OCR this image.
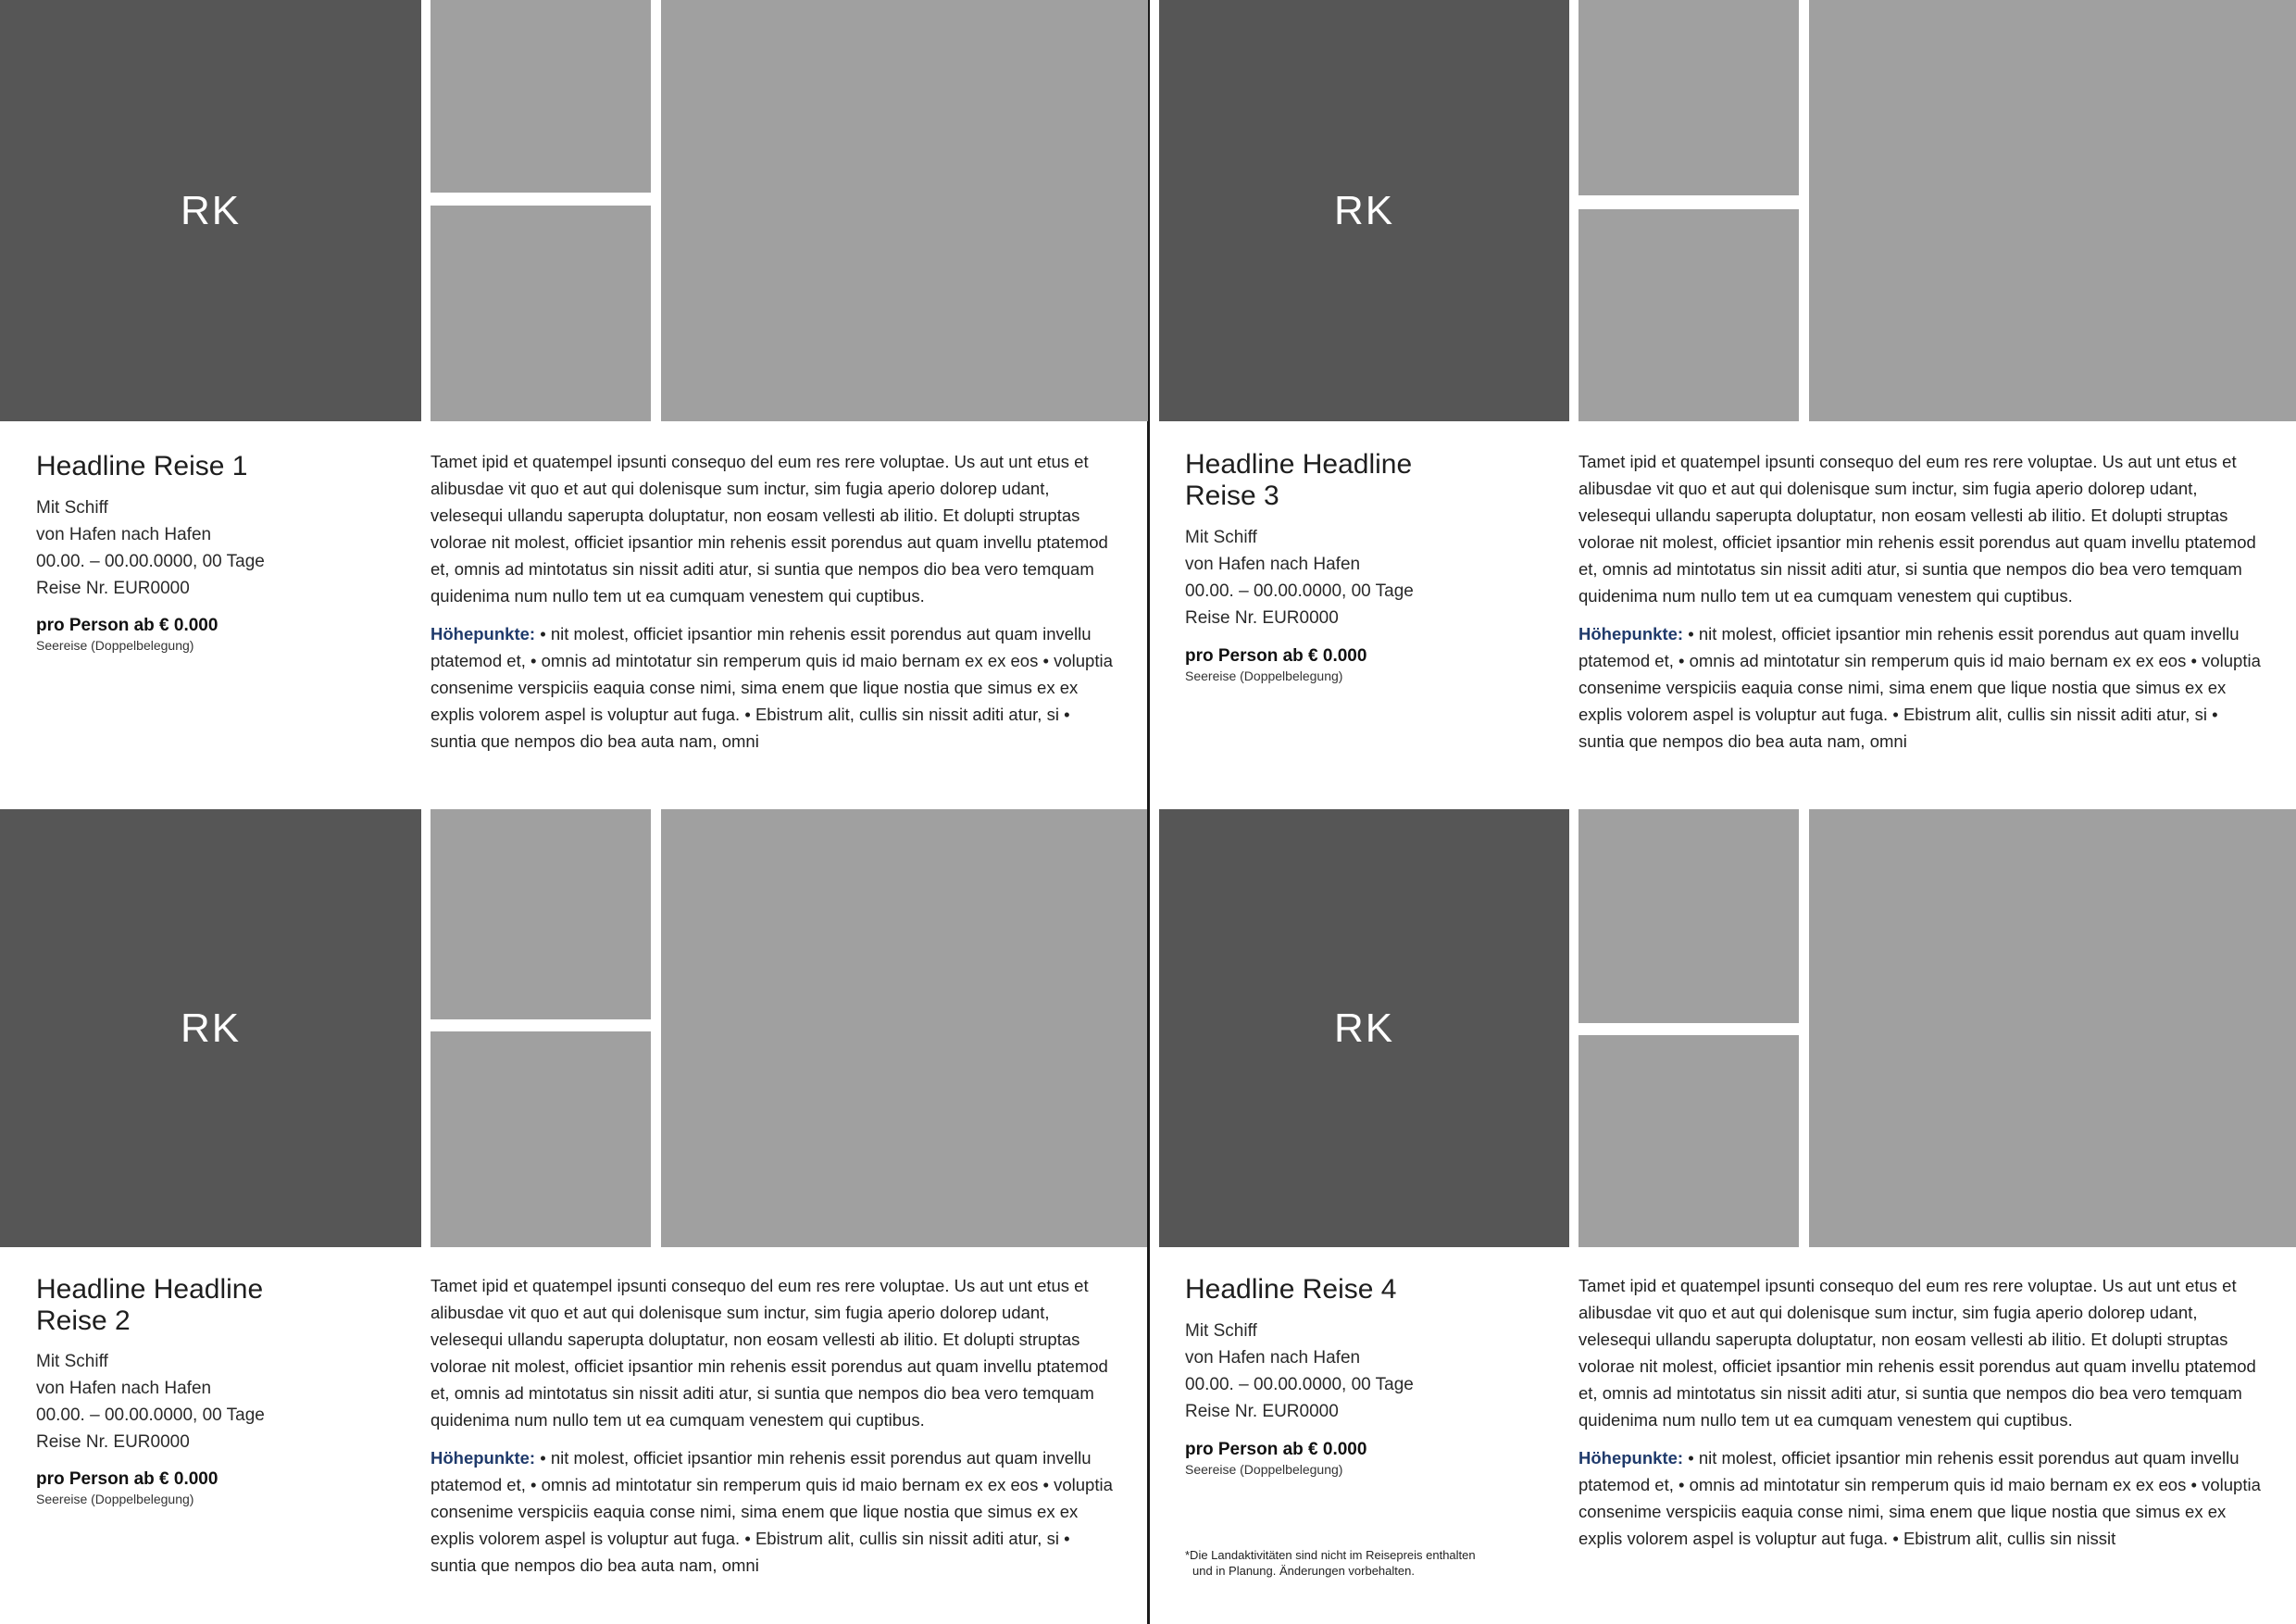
RK
Headline Reise 1
Mit Schiff
von Hafen nach Hafen
00.00. – 00.00.0000, 00 Tage
Reise Nr. EUR0000
pro Person ab € 0.000
Seereise (Doppelbelegung)

Tamet ipid et quatempel ipsunti consequo del eum res rere voluptae. Us aut unt etus et alibusdae vit quo et aut qui dolenisque sum inctur, sim fugia aperio dolorep udant, velesequi ullandu saperupta doluptatur, non eosam vellesti ab ilitio. Et dolupti struptas volorae nit molest, officiet ipsantior min rehenis essit porendus aut quam invellu ptatemod et, omnis ad mintotatus sin nissit aditi atur, si suntia que nempos dio bea vero temquam quidenima num nullo tem ut ea cumquam venestem qui cuptibus.

Höhepunkte: • nit molest, officiet ipsantior min rehenis essit porendus aut quam invellu ptatemod et, • omnis ad mintotatur sin remperum quis id maio bernam ex ex eos • voluptia consenime verspiciis eaquia conse nimi, sima enem que lique nostia que simus ex ex explis volorem aspel is voluptur aut fuga. • Ebistrum alit, cullis sin nissit aditi atur, si • suntia que nempos dio bea auta nam, omni

RK
Headline Headline
Reise 2
Mit Schiff
von Hafen nach Hafen
00.00. – 00.00.0000, 00 Tage
Reise Nr. EUR0000
pro Person ab € 0.000
Seereise (Doppelbelegung)

Tamet ipid et quatempel ipsunti consequo del eum res rere voluptae. Us aut unt etus et alibusdae vit quo et aut qui dolenisque sum inctur, sim fugia aperio dolorep udant, velesequi ullandu saperupta doluptatur, non eosam vellesti ab ilitio. Et dolupti struptas volorae nit molest, officiet ipsantior min rehenis essit porendus aut quam invellu ptatemod et, omnis ad mintotatus sin nissit aditi atur, si suntia que nempos dio bea vero temquam quidenima num nullo tem ut ea cumquam venestem qui cuptibus.

Höhepunkte: • nit molest, officiet ipsantior min rehenis essit porendus aut quam invellu ptatemod et, • omnis ad mintotatur sin remperum quis id maio bernam ex ex eos • voluptia consenime verspiciis eaquia conse nimi, sima enem que lique nostia que simus ex ex explis volorem aspel is voluptur aut fuga. • Ebistrum alit, cullis sin nissit aditi atur, si • suntia que nempos dio bea auta nam, omni

RK
Headline Headline
Reise 3
Mit Schiff
von Hafen nach Hafen
00.00. – 00.00.0000, 00 Tage
Reise Nr. EUR0000
pro Person ab € 0.000
Seereise (Doppelbelegung)

Tamet ipid et quatempel ipsunti consequo del eum res rere voluptae. Us aut unt etus et alibusdae vit quo et aut qui dolenisque sum inctur, sim fugia aperio dolorep udant, velesequi ullandu saperupta doluptatur, non eosam vellesti ab ilitio. Et dolupti struptas volorae nit molest, officiet ipsantior min rehenis essit porendus aut quam invellu ptatemod et, omnis ad mintotatus sin nissit aditi atur, si suntia que nempos dio bea vero temquam quidenima num nullo tem ut ea cumquam venestem qui cuptibus.

Höhepunkte: • nit molest, officiet ipsantior min rehenis essit porendus aut quam invellu ptatemod et, • omnis ad mintotatur sin remperum quis id maio bernam ex ex eos • voluptia consenime verspiciis eaquia conse nimi, sima enem que lique nostia que simus ex ex explis volorem aspel is voluptur aut fuga. • Ebistrum alit, cullis sin nissit aditi atur, si • suntia que nempos dio bea auta nam, omni

RK
Headline Reise 4
Mit Schiff
von Hafen nach Hafen
00.00. – 00.00.0000, 00 Tage
Reise Nr. EUR0000
pro Person ab € 0.000
Seereise (Doppelbelegung)
*Die Landaktivitäten sind nicht im Reisepreis enthalten
und in Planung. Änderungen vorbehalten.

Tamet ipid et quatempel ipsunti consequo del eum res rere voluptae. Us aut unt etus et alibusdae vit quo et aut qui dolenisque sum inctur, sim fugia aperio dolorep udant, velesequi ullandu saperupta doluptatur, non eosam vellesti ab ilitio. Et dolupti struptas volorae nit molest, officiet ipsantior min rehenis essit porendus aut quam invellu ptatemod et, omnis ad mintotatus sin nissit aditi atur, si suntia que nempos dio bea vero temquam quidenima num nullo tem ut ea cumquam venestem qui cuptibus.

Höhepunkte: • nit molest, officiet ipsantior min rehenis essit porendus aut quam invellu ptatemod et, • omnis ad mintotatur sin remperum quis id maio bernam ex ex eos • voluptia consenime verspiciis eaquia conse nimi, sima enem que lique nostia que simus ex ex explis volorem aspel is voluptur aut fuga. • Ebistrum alit, cullis sin nissit
